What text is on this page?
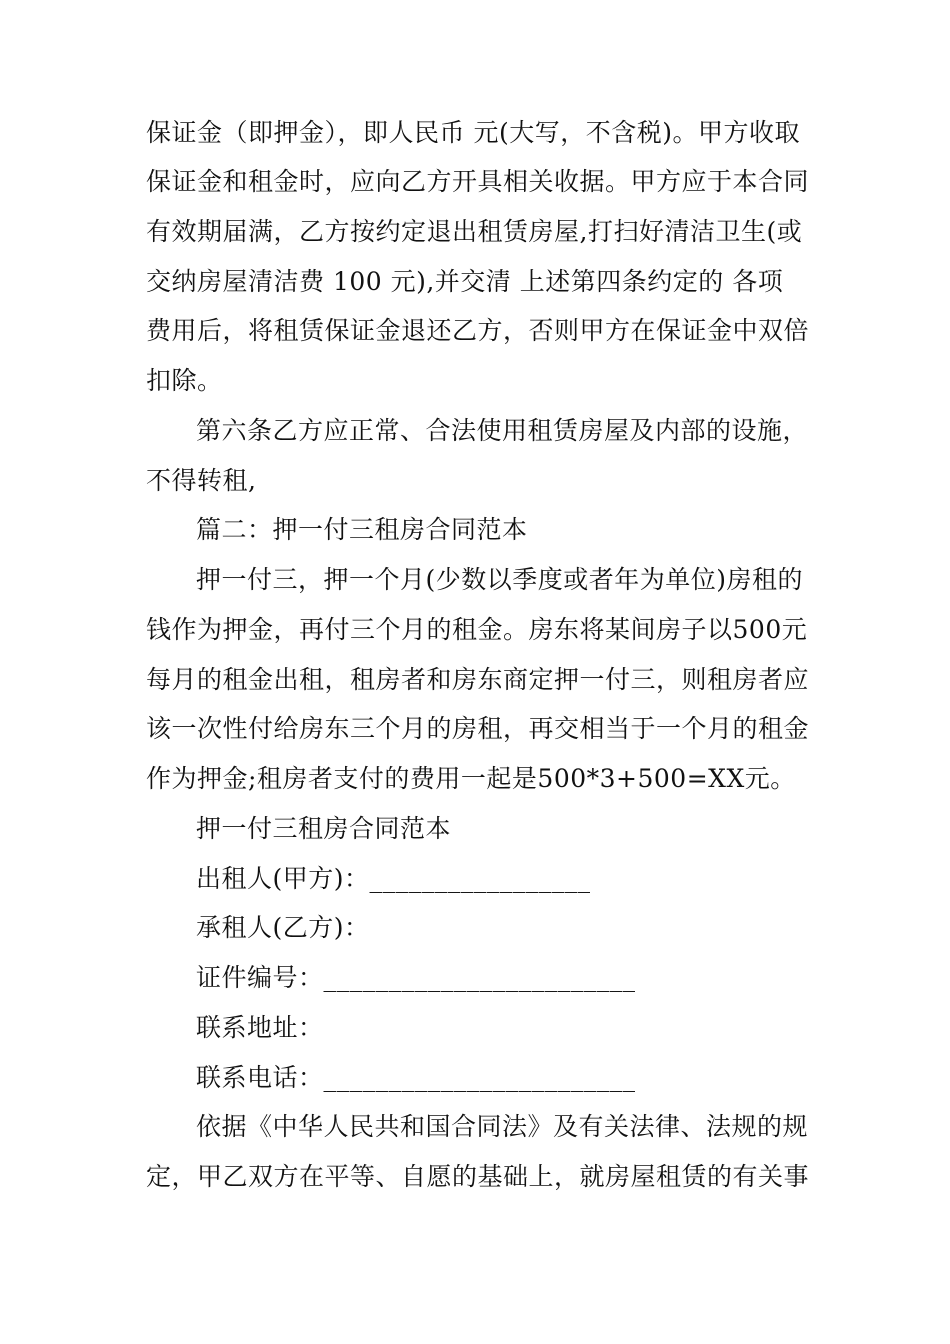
保证金（即押金），即人民币 元(大写，不含税)。甲方收取
保证金和租金时，应向乙方开具相关收据。甲方应于本合同
有效期届满，乙方按约定退出租赁房屋,打扫好清洁卫生(或
交纳房屋清洁费 100 元),并交清 上述第四条约定的 各项
费用后，将租赁保证金退还乙方，否则甲方在保证金中双倍
扣除。
第六条乙方应正常、合法使用租赁房屋及内部的设施，
不得转租,
篇二：押一付三租房合同范本
押一付三，押一个月(少数以季度或者年为单位)房租的
钱作为押金，再付三个月的租金。房东将某间房子以500元
每月的租金出租，租房者和房东商定押一付三，则租房者应
该一次性付给房东三个月的房租，再交相当于一个月的租金
作为押金;租房者支付的费用一起是500*3+500=XX元。
押一付三租房合同范本
出租人(甲方)：_________________
承租人(乙方)：
证件编号：________________________
联系地址：
联系电话：________________________
依据《中华人民共和国合同法》及有关法律、法规的规
定，甲乙双方在平等、自愿的基础上，就房屋租赁的有关事
